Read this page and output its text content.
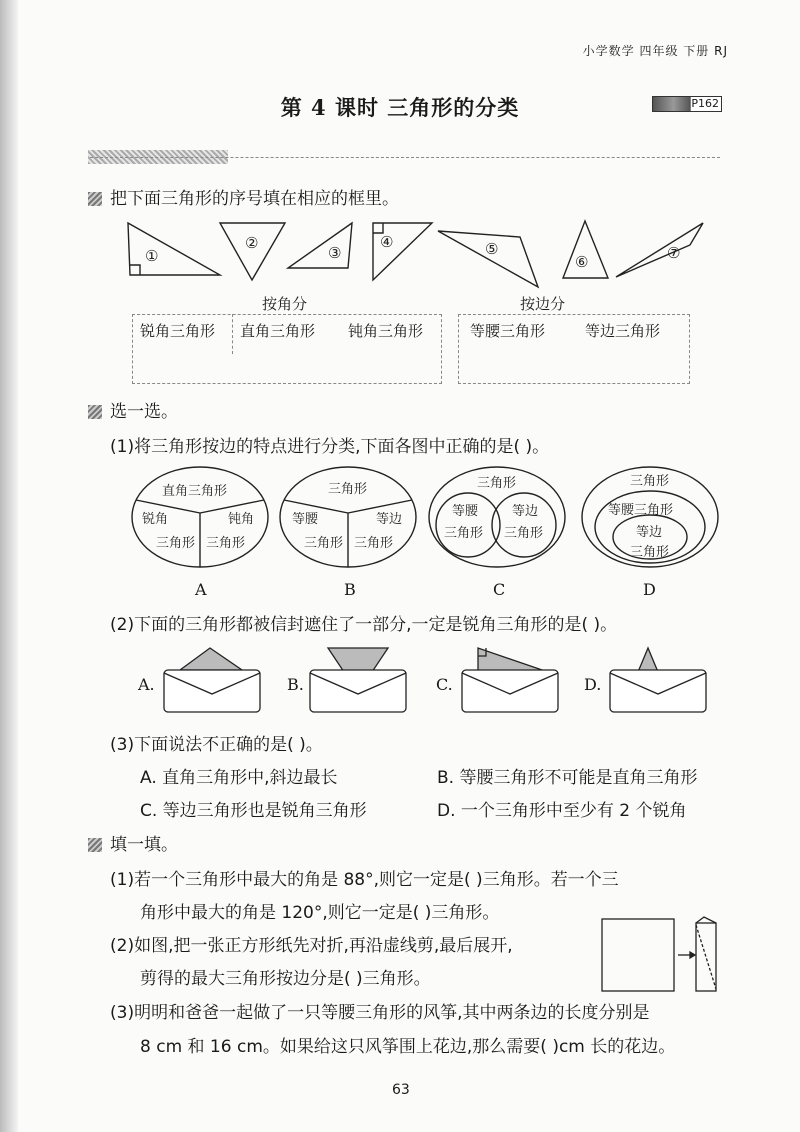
小学数学 四年级 下册 RJ
第 4 课时 三角形的分类	P162
把下面三角形的序号填在相应的框里。
①
②
③
④	⑤
⑥	⑦
按角分	按边分
锐角三角形 直角三角形 钝角三角形	等腰三角形	等边三角形
选一选。
(1)将三角形按边的特点进行分类,下面各图中正确的是( )。
直角三角形
锐角
三角形
钝角
三角形
三角形
等腰
三角形
等边
三角形
三角形
等腰
三角形
等边
三角形
三角形
等腰三角形
等边
三角形
A	B	C	D
(2)下面的三角形都被信封遮住了一部分,一定是锐角三角形的是( )。
A.	B.	C.	D.
(3)下面说法不正确的是( )。
A. 直角三角形中,斜边最长	B. 等腰三角形不可能是直角三角形
C. 等边三角形也是锐角三角形	D. 一个三角形中至少有 2 个锐角
填一填。
(1)若一个三角形中最大的角是 88°,则它一定是( )三角形。若一个三
角形中最大的角是 120°,则它一定是( )三角形。
(2)如图,把一张正方形纸先对折,再沿虚线剪,最后展开,
剪得的最大三角形按边分是( )三角形。
(3)明明和爸爸一起做了一只等腰三角形的风筝,其中两条边的长度分别是
8 cm 和 16 cm。如果给这只风筝围上花边,那么需要( )cm 长的花边。
63
